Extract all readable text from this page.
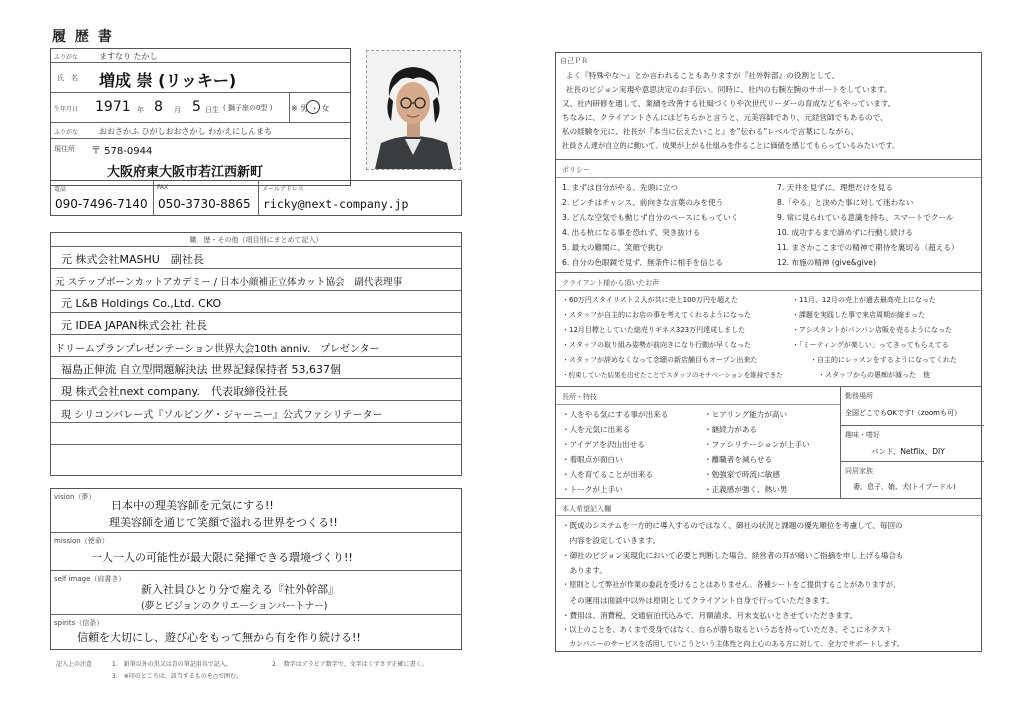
履 歴 書
ふりがな	ますなり たかし
氏　名 増成 崇 (リッキー)
生年月日 1971 年 8 月 5 日生 ( 獅子座の0型 ) ※ 男 ・ 女
ふりがな	おおさかふ ひがしおおさかし わかえにしんまち
現住所 〒 578-0944
大阪府東大阪市若江西新町
電話
090-7496-7140
FAX
050-3730-8865
メールアドレス
ricky@next-company.jp
職　歴・その他（項目別にまとめて記入）
元 株式会社MASHU　副社長
元 ステップボーンカットアカデミー / 日本小顔補正立体カット協会　副代表理事
元 L&B Holdings Co.,Ltd. CKO
元 IDEA JAPAN株式会社 社長
ドリームプランプレゼンテーション世界大会10th anniv.　プレゼンター
福島正伸流 自立型問題解決法 世界記録保持者 53,637個
現 株式会社next company.　代表取締役社長
現 シリコンバレー式『ソルビング・ジャーニー』公式ファシリテーター
vision（夢）
日本中の理美容師を元気にする!!
理美容師を通じて笑顔で溢れる世界をつくる!!
mission（使命）
一人一人の可能性が最大限に発揮できる環境づくり!!
self image（肩書き）
新入社員ひとり分で雇える『社外幹部』
(夢とビジョンのクリエーションパートナー)
spirits（信条）
信頼を大切にし、遊び心をもって無から有を作り続ける!!
記入上の注意	1.　鉛筆以外の黒又は青の筆記用具で記入。	2.　数字はアラビア数字で、文字はくずさず正確に書く。
3.　※印のところは、該当するものを○で囲む。
自己ＰＲ
よく『特殊やな〜』とか言われることもありますが『社外幹部』の役割として、
社長のビジョン実現や意思決定のお手伝い。同時に、社内の右腕左腕のサポートをしています。
又、社内研修を通して、業績を改善する社風づくりや次世代リーダーの育成などもやっています。
ちなみに、クライアントさんにはどちらかと言うと、元美容師であり、元経営師でもあるので、
私の経験を元に、社長が『本当に伝えたいこと』を“伝わる”レベルで言葉にしながら、
社員さん達が自立的に動いて、成果が上がる仕組みを作ることに価値を感じてもらっているみたいです。
ポリシー
1. まずは自分がやる、先頭に立つ
2. ピンチはチャンス、前向きな言葉のみを使う
3. どんな空気でも動じず自分のペースにもっていく
4. 出る杭になる事を恐れず、突き抜ける
5. 最大の難関に、笑顔で挑む
6. 自分の色眼鏡で見ず、無条件に相手を信じる
7. 天井を見ずに、理想だけを見る
8.「やる」と決めた事に対して迷わない
9. 常に見られている意識を持ち、スマートでクール
10. 成功するまで諦めずに行動し続ける
11. まさかここまでの精神で期待を裏切る（超える）
12. 布施の精神 (give&give)
クライアント様から頂いたお声
・60万円スタイリスト２人が共に売上100万円を超えた
・スタッフが自主的にお店の事を考えてくれるようになった
・12月目標としていた総売りギネス323万円達成しました
・スタッフの取り組み姿勢が前向きになり行動が早くなった
・スタッフが辞めなくなって念願の新店舗目もオープン出来た
・約束していた結果を出せたことでスタッフのモチベーションを維持できた
・11月、12月の売上が過去最高売上になった
・課題を実践した事で来店周期が縮まった
・アシスタントがパンパン店販を売るようになった
・「ミーティングが楽しい」ってきってもらえてる
・自主的にレッスンをするようになってくれた
・スタッフからの愚痴が減った　他
長所・特技
・人をやる気にする事が出来る
・人を元気に出来る
・アイデアを沢山出せる
・着眼点が面白い
・人を育てることが出来る
・トークが上手い
・ヒアリング能力が高い
・継続力がある
・ファシリテーションが上手い
・離職者を減らせる
・勉強家で時流に敏感
・正義感が強く、熱い男
勤務場所
全国どこでもOKです!（zoomも可）
趣味・嗜好
バンド、Netflix、DIY
同居家族
妻、息子、娘、犬(トイプードル)
本人希望記入欄
・既成のシステムを一方的に導入するのではなく、御社の状況と課題の優先順位を考慮して、毎回の
　内容を設定していきます。
・御社のビジョン実現化において必要と判断した場合、経営者の耳が痛いご指摘を申し上げる場合も
　あります。
・原則として弊社が作業の委託を受けることはありません。各種シートをご提供することがありますが、
　その運用は面談中以外は原則としてクライアント自身で行っていただきます。
・費用は、消費税、交通宿泊代込みで、月額請求、月末支払いとさせていただきます。
・以上のことを、あくまで受身ではなく、自らが勝ち取るという志を持っていただき、そこにネクスト
　カンパニーのサービスを活用していこうという主体性と向上心のある方に対して、全力でサポートします。
